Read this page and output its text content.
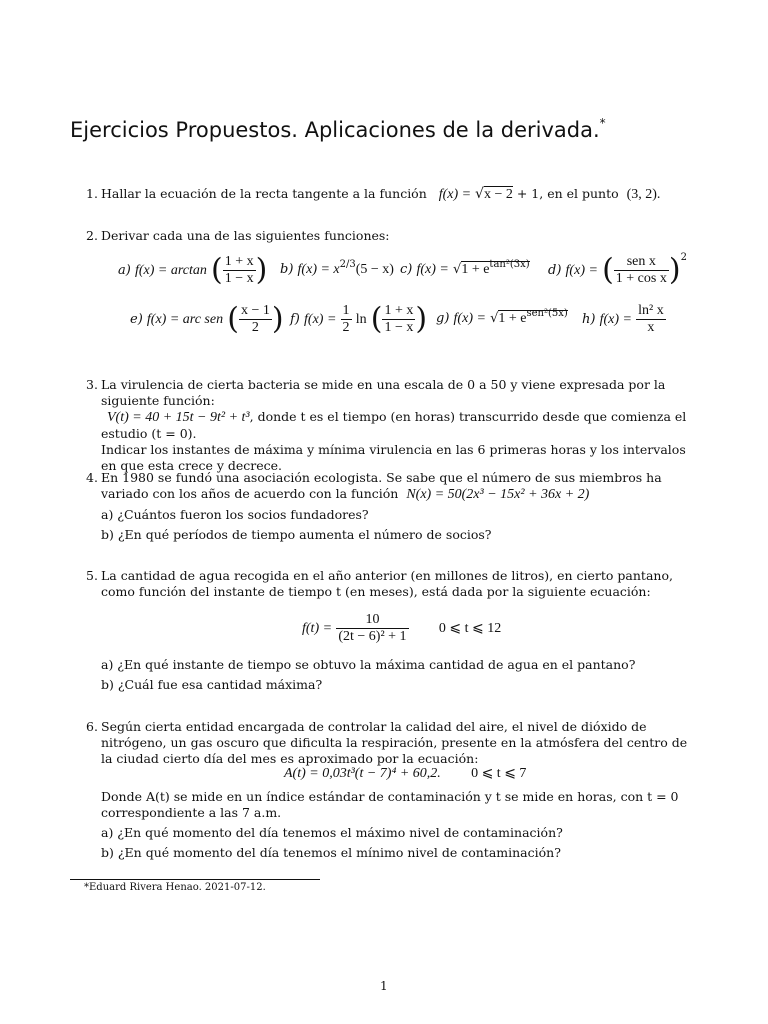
Ejercicios Propuestos. Aplicaciones de la derivada.*
1. Hallar la ecuación de la recta tangente a la función f(x) = √x − 2 + 1, en el punto (3, 2).
2. Derivar cada una de las siguientes funciones:
a) f(x) = arctan ( $\frac{1 + x}{1 - x}$ ) b) $f(x) = x^{2/3}(5 - x)$ c) $f(x) = √1 + e^{tan^2(3x)}$ d) f(x) = ( $\frac{\text{sen x}}{\text{1 + cos x}} )^2$
e) f(x) = arc sen ( $\frac{x - 1}{2}$ ) f) $f(x) = \frac{1}{2}$ ln ( $\frac{1 + x}{1 - x}$ ) g) $f(x) = √1 + e^{sen^2(5x)}$ h) $f(x) = \frac{\text{ln² x}}{x}$
3. La virulencia de cierta bacteria se mide en una escala de 0 a 50 y viene expresada por la siguiente función:
V(t) = 40 + 15t − 9t² + t³, donde t es el tiempo (en horas) transcurrido desde que comienza el estudio (t = 0).
Indicar los instantes de máxima y mínima virulencia en las 6 primeras horas y los intervalos en que esta crece y decrece.
4. En 1980 se fundó una asociación ecologista. Se sabe que el número de sus miembros ha variado con los años de acuerdo con la función N(x) = 50(2x³ − 15x² + 36x + 2)
a) ¿Cuántos fueron los socios fundadores?
b) ¿En qué períodos de tiempo aumenta el número de socios?
5. La cantidad de agua recogida en el año anterior (en millones de litros), en cierto pantano, como función del instante de tiempo t (en meses), está dada por la siguiente ecuación:
$f(t) = \frac{10}{\text{(2t − 6)² + 1}} 0$ ⩽ t ⩽ 12
a) ¿En qué instante de tiempo se obtuvo la máxima cantidad de agua en el pantano?
b) ¿Cuál fue esa cantidad máxima?
6. Según cierta entidad encargada de controlar la calidad del aire, el nivel de dióxido de nitrógeno, un gas oscuro que dificulta la respiración, presente en la atmósfera del centro de la ciudad cierto día del mes es aproximado por la ecuación:
A(t) = 0,03t³(t − 7)⁴ + 60,2. 0 ⩽ t ⩽ 7
Donde A(t) se mide en un índice estándar de contaminación y t se mide en horas, con t = 0 correspondiente a las 7 a.m.
a) ¿En qué momento del día tenemos el máximo nivel de contaminación?
b) ¿En qué momento del día tenemos el mínimo nivel de contaminación?
*Eduard Rivera Henao. 2021-07-12.
1
